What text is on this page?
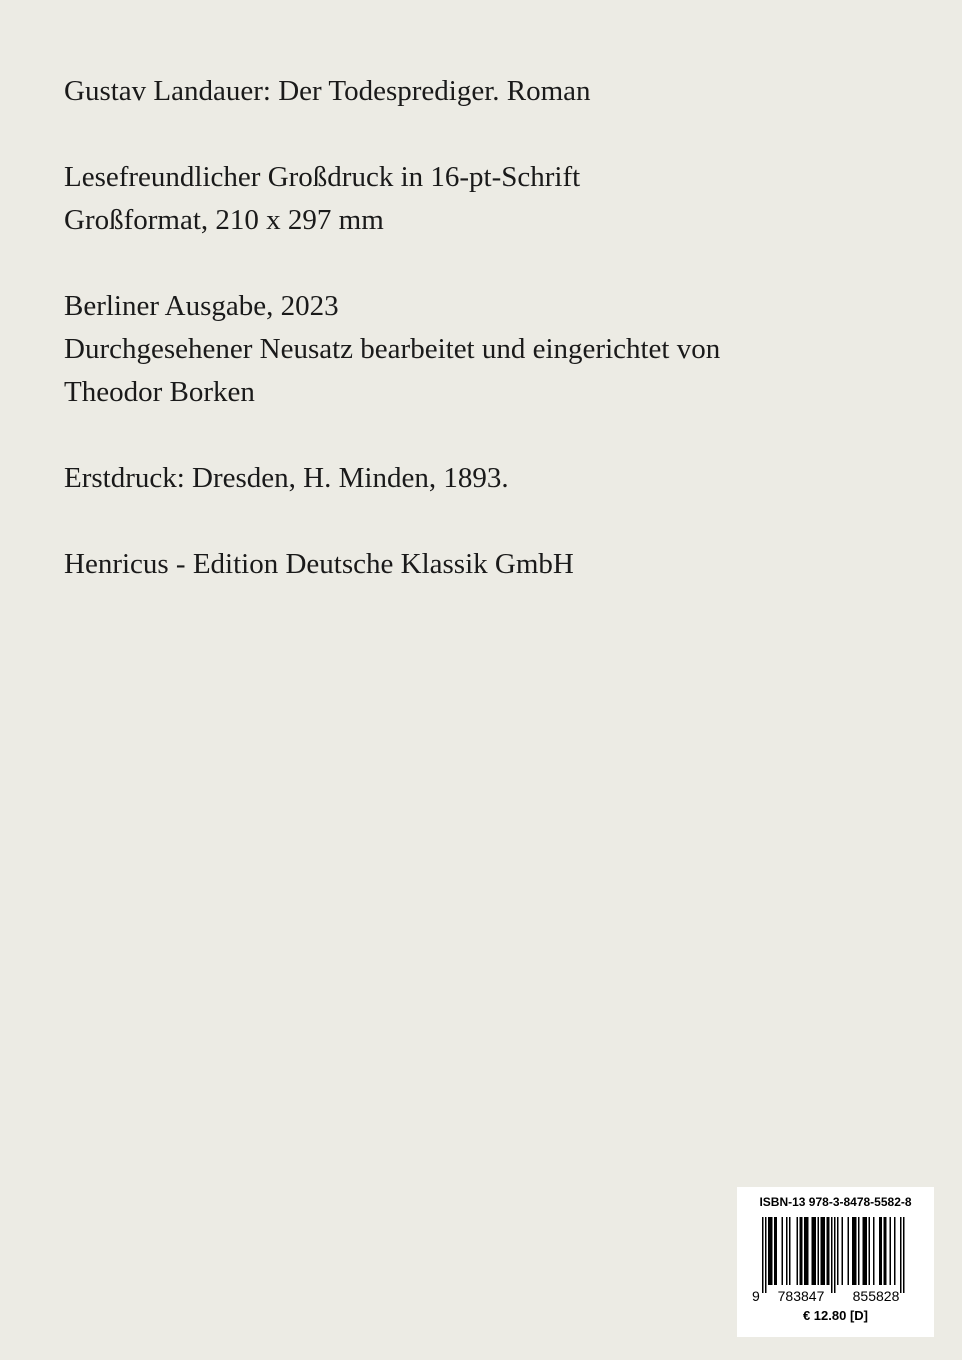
Gustav Landauer: Der Todesprediger. Roman
Lesefreundlicher Großdruck in 16-pt-Schrift
Großformat, 210 x 297 mm
Berliner Ausgabe, 2023
Durchgesehener Neusatz bearbeitet und eingerichtet von
Theodor Borken
Erstdruck: Dresden, H. Minden, 1893.
Henricus - Edition Deutsche Klassik GmbH
ISBN-13 978-3-8478-5582-8
9 783847 855828
€ 12.80 [D]
